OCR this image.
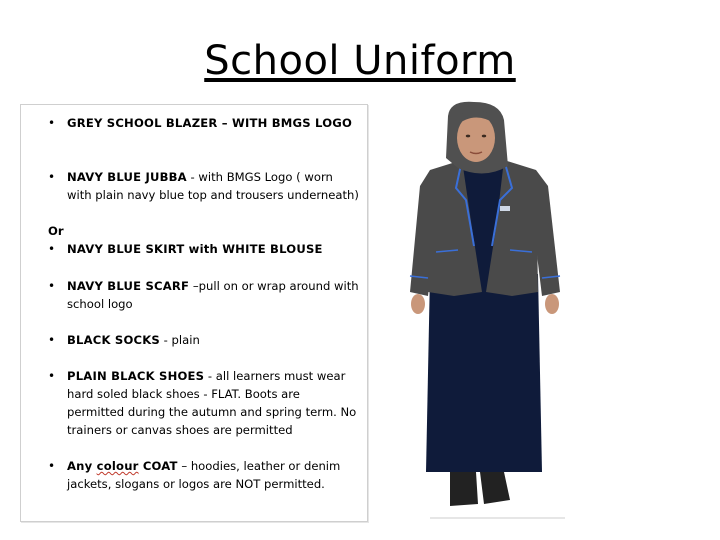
School Uniform
• GREY SCHOOL BLAZER – WITH BMGS LOGO
• NAVY BLUE JUBBA - with BMGS Logo ( worn with plain navy blue top and trousers underneath)
Or
• NAVY BLUE SKIRT with WHITE BLOUSE
• NAVY BLUE SCARF –pull on or wrap around with school logo
• BLACK SOCKS - plain
• PLAIN BLACK SHOES - all learners must wear hard soled black shoes - FLAT. Boots are permitted during the autumn and spring term. No trainers or canvas shoes are permitted
• Any colour COAT – hoodies, leather or denim jackets, slogans or logos are NOT permitted.
